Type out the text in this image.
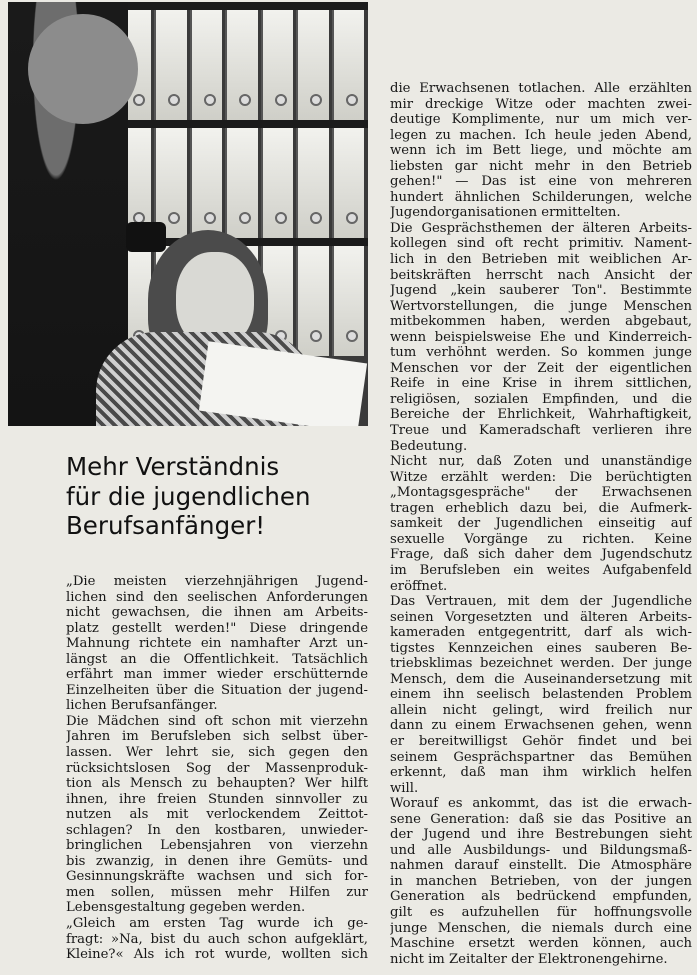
Mehr Verständnis
für die jugendlichen
Berufsanfänger!
„Die meisten vierzehnjährigen Jugend-
lichen sind den seelischen Anforderungen
nicht gewachsen, die ihnen am Arbeits-
platz gestellt werden!" Diese dringende
Mahnung richtete ein namhafter Arzt un-
längst an die Öffentlichkeit. Tatsächlich
erfährt man immer wieder erschütternde
Einzelheiten über die Situation der jugend-
lichen Berufsanfänger.
Die Mädchen sind oft schon mit vierzehn
Jahren im Berufsleben sich selbst über-
lassen. Wer lehrt sie, sich gegen den
rücksichtslosen Sog der Massenproduk-
tion als Mensch zu behaupten? Wer hilft
ihnen, ihre freien Stunden sinnvoller zu
nutzen als mit verlockendem Zeittot-
schlagen? In den kostbaren, unwieder-
bringlichen Lebensjahren von vierzehn
bis zwanzig, in denen ihre Gemüts- und
Gesinnungskräfte wachsen und sich for-
men sollen, müssen mehr Hilfen zur
Lebensgestaltung gegeben werden.
„Gleich am ersten Tag wurde ich ge-
fragt: »Na, bist du auch schon aufgeklärt,
Kleine?« Als ich rot wurde, wollten sich
die Erwachsenen totlachen. Alle erzählten
mir dreckige Witze oder machten zwei-
deutige Komplimente, nur um mich ver-
legen zu machen. Ich heule jeden Abend,
wenn ich im Bett liege, und möchte am
liebsten gar nicht mehr in den Betrieb
gehen!" — Das ist eine von mehreren
hundert ähnlichen Schilderungen, welche
Jugendorganisationen ermittelten.
Die Gesprächsthemen der älteren Arbeits-
kollegen sind oft recht primitiv. Nament-
lich in den Betrieben mit weiblichen Ar-
beitskräften herrscht nach Ansicht der
Jugend „kein sauberer Ton". Bestimmte
Wertvorstellungen, die junge Menschen
mitbekommen haben, werden abgebaut,
wenn beispielsweise Ehe und Kinderreich-
tum verhöhnt werden. So kommen junge
Menschen vor der Zeit der eigentlichen
Reife in eine Krise in ihrem sittlichen,
religiösen, sozialen Empfinden, und die
Bereiche der Ehrlichkeit, Wahrhaftigkeit,
Treue und Kameradschaft verlieren ihre
Bedeutung.
Nicht nur, daß Zoten und unanständige
Witze erzählt werden: Die berüchtigten
„Montagsgespräche" der Erwachsenen
tragen erheblich dazu bei, die Aufmerk-
samkeit der Jugendlichen einseitig auf
sexuelle Vorgänge zu richten. Keine
Frage, daß sich daher dem Jugendschutz
im Berufsleben ein weites Aufgabenfeld
eröffnet.
Das Vertrauen, mit dem der Jugendliche
seinen Vorgesetzten und älteren Arbeits-
kameraden entgegentritt, darf als wich-
tigstes Kennzeichen eines sauberen Be-
triebsklimas bezeichnet werden. Der junge
Mensch, dem die Auseinandersetzung mit
einem ihn seelisch belastenden Problem
allein nicht gelingt, wird freilich nur
dann zu einem Erwachsenen gehen, wenn
er bereitwilligst Gehör findet und bei
seinem Gesprächspartner das Bemühen
erkennt, daß man ihm wirklich helfen
will.
Worauf es ankommt, das ist die erwach-
sene Generation: daß sie das Positive an
der Jugend und ihre Bestrebungen sieht
und alle Ausbildungs- und Bildungsmaß-
nahmen darauf einstellt. Die Atmosphäre
in manchen Betrieben, von der jungen
Generation als bedrückend empfunden,
gilt es aufzuhellen für hoffnungsvolle
junge Menschen, die niemals durch eine
Maschine ersetzt werden können, auch
nicht im Zeitalter der Elektronengehirne.
